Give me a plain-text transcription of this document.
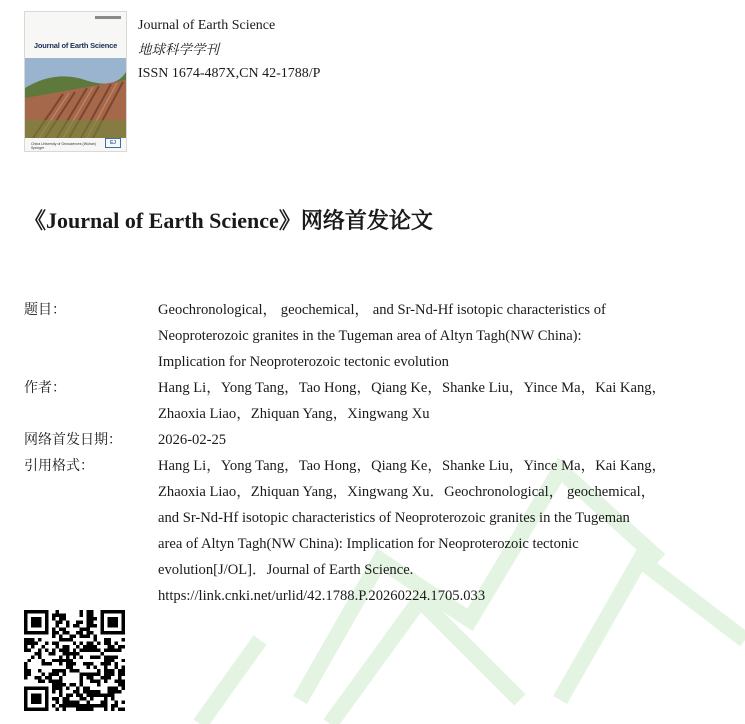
Journal of Earth Science
China University of Geosciences (Wuhan)
Springer
EJ
Journal of Earth Science
地球科学学刊
ISSN 1674-487X,CN 42-1788/P
《Journal of Earth Science》网络首发论文
题目：	Geochronological， geochemical， and Sr-Nd-Hf isotopic characteristics of
Neoproterozoic granites in the Tugeman area of Altyn Tagh(NW China):
Implication for Neoproterozoic tectonic evolution
作者：	Hang Li，Yong Tang，Tao Hong，Qiang Ke，Shanke Liu，Yince Ma，Kai Kang，
Zhaoxia Liao，Zhiquan Yang，Xingwang Xu
网络首发日期：	2026-02-25
引用格式：	Hang Li，Yong Tang，Tao Hong，Qiang Ke，Shanke Liu，Yince Ma，Kai Kang，
Zhaoxia Liao，Zhiquan Yang，Xingwang Xu．Geochronological， geochemical，
and Sr-Nd-Hf isotopic characteristics of Neoproterozoic granites in the Tugeman
area of Altyn Tagh(NW China): Implication for Neoproterozoic tectonic
evolution[J/OL]．Journal of Earth Science.
https://link.cnki.net/urlid/42.1788.P.20260224.1705.033
